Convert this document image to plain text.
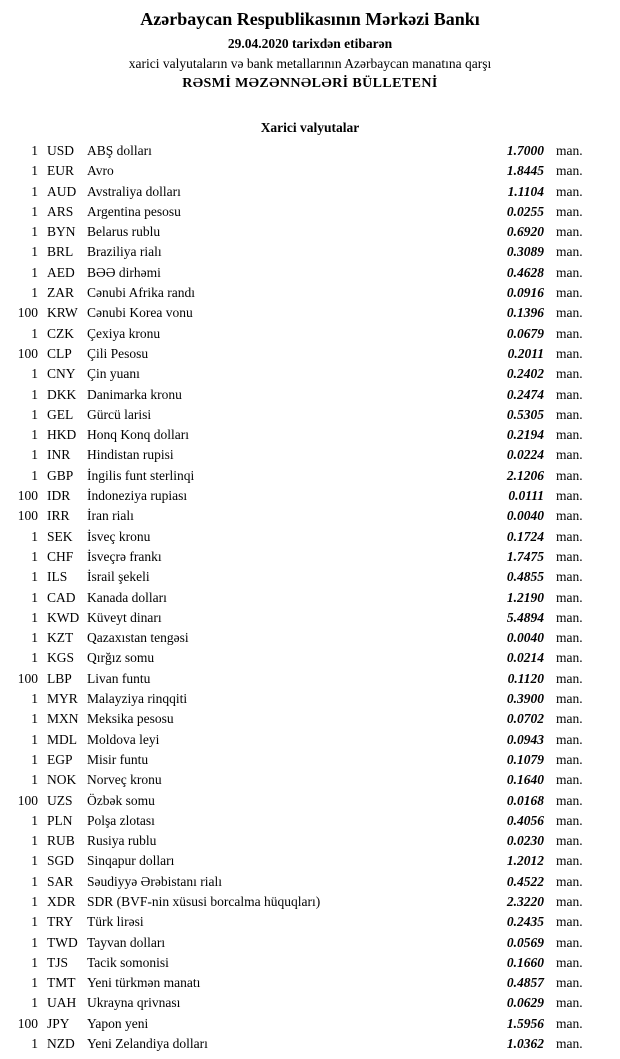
Azərbaycan Respublikasının Mərkəzi Bankı
29.04.2020 tarixdən etibarən
xarici valyutaların və bank metallarının Azərbaycan manatına qarşı
RƏSMİ MƏZƏNNƏLƏRİ BÜLLETENİ
Xarici valyutalar
1 USD ABŞ dolları	1.7000 man.
1 EUR Avro	1.8445 man.
1 AUD Avstraliya dolları	1.1104 man.
1 ARS	Argentina pesosu	0.0255 man.
1 BYN Belarus rublu	0.6920 man.
1 BRL	Braziliya rialı	0.3089 man.
1 AED BƏƏ dirhəmi	0.4628 man.
1 ZAR Cənubi Afrika randı	0.0916 man.
100 KRW Cənubi Korea vonu	0.1396 man.
1 CZK Çexiya kronu	0.0679 man.
100 CLP	Çili Pesosu	0.2011 man.
1 CNY Çin yuanı	0.2402 man.
1 DKK Danimarka kronu	0.2474 man.
1 GEL	Gürcü larisi	0.5305 man.
1 HKD Honq Konq dolları	0.2194 man.
1 INR	Hindistan rupisi	0.0224 man.
1 GBP	İngilis funt sterlinqi	2.1206 man.
100 IDR	İndoneziya rupiası	0.0111 man.
100 IRR	İran rialı	0.0040 man.
1 SEK	İsveç kronu	0.1724 man.
1 CHF	İsveçrə frankı	1.7475 man.
1 ILS	İsrail şekeli	0.4855 man.
1 CAD Kanada dolları	1.2190 man.
1 KWD Küveyt dinarı	5.4894 man.
1 KZT	Qazaxıstan tengəsi	0.0040 man.
1 KGS Qırğız somu	0.0214 man.
100 LBP	Livan funtu	0.1120 man.
1 MYR Malayziya rinqqiti	0.3900 man.
1 MXN Meksika pesosu	0.0702 man.
1 MDL Moldova leyi	0.0943 man.
1 EGP	Misir funtu	0.1079 man.
1 NOK Norveç kronu	0.1640 man.
100 UZS	Özbək somu	0.0168 man.
1 PLN	Polşa zlotası	0.4056 man.
1 RUB Rusiya rublu	0.0230 man.
1 SGD Sinqapur dolları	1.2012 man.
1 SAR	Səudiyyə Ərəbistanı rialı	0.4522 man.
1 XDR SDR (BVF-nin xüsusi borcalma hüquqları)	2.3220 man.
1 TRY	Türk lirəsi	0.2435 man.
1 TWD Tayvan dolları	0.0569 man.
1 TJS	Tacik somonisi	0.1660 man.
1 TMT Yeni türkmən manatı	0.4857 man.
1 UAH Ukrayna qrivnası	0.0629 man.
100 JPY	Yapon yeni	1.5956 man.
1 NZD Yeni Zelandiya dolları	1.0362 man.
